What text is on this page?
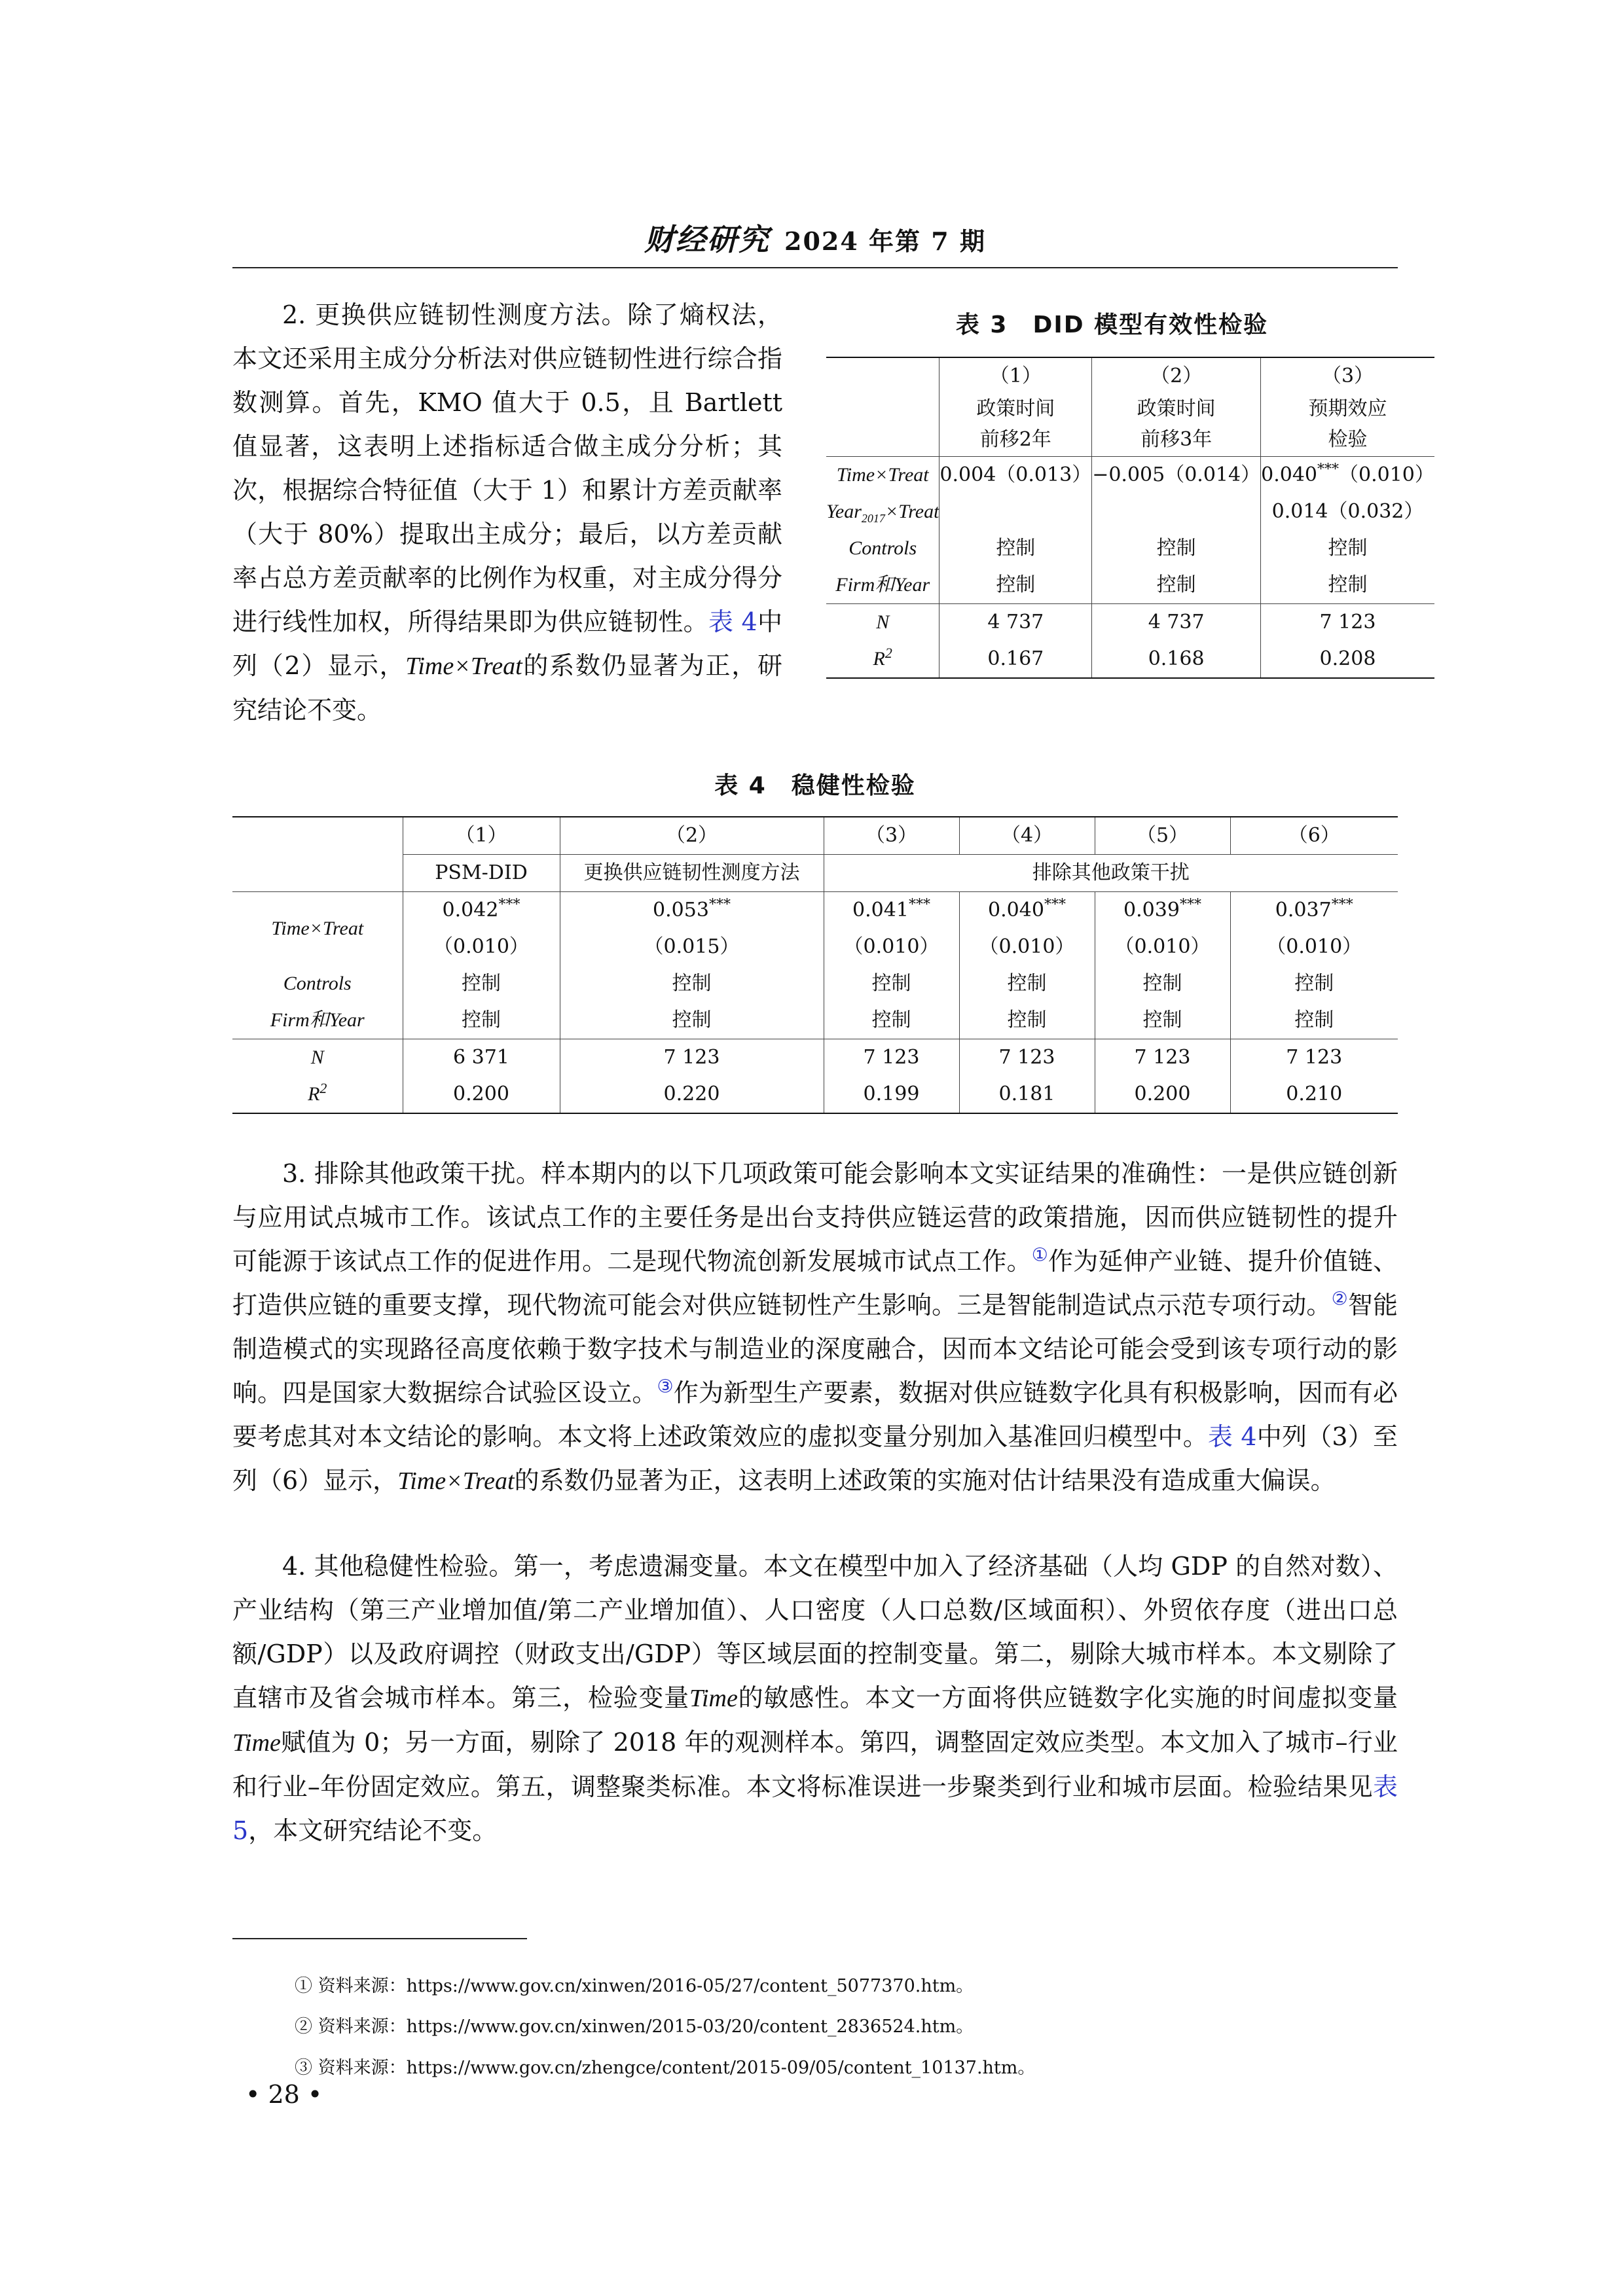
财经研究 2024 年第 7 期
2. 更换供应链韧性测度方法。除了熵权法，本文还采用主成分分析法对供应链韧性进行综合指数测算。首先，KMO 值大于 0.5，且 Bartlett 值显著，这表明上述指标适合做主成分分析；其次，根据综合特征值（大于 1）和累计方差贡献率（大于 80%）提取出主成分；最后，以方差贡献率占总方差贡献率的比例作为权重，对主成分得分进行线性加权，所得结果即为供应链韧性。表 4中列（2）显示，Time×Treat的系数仍显著为正，研究结论不变。
表 3　DID 模型有效性检验
	（1）	（2）	（3）
	政策时间	政策时间	预期效应
	前移2年	前移3年	检验
Time×Treat	0.004（0.013）	−0.005（0.014）	0.040***（0.010）
Year$_{2017}$×Treat			0.014（0.032）
Controls	控制	控制	控制
Firm和Year	控制	控制	控制
N	4 737	4 737	7 123
$R^2$	0.167	0.168	0.208
表 4　稳健性检验
	（1）	（2）	（3）	（4）	（5）	（6）
	PSM-DID	更换供应链韧性测度方法	排除其他政策干扰			
Time×Treat	0.042***	0.053***	0.041***	0.040***	0.039***	0.037***
	（0.010）	（0.015）	（0.010）	（0.010）	（0.010）	（0.010）
Controls	控制	控制	控制	控制	控制	控制
Firm和Year	控制	控制	控制	控制	控制	控制
N	6 371	7 123	7 123	7 123	7 123	7 123
$R^2$	0.200	0.220	0.199	0.181	0.200	0.210
3. 排除其他政策干扰。样本期内的以下几项政策可能会影响本文实证结果的准确性：一是供应链创新与应用试点城市工作。该试点工作的主要任务是出台支持供应链运营的政策措施，因而供应链韧性的提升可能源于该试点工作的促进作用。二是现代物流创新发展城市试点工作。①作为延伸产业链、提升价值链、打造供应链的重要支撑，现代物流可能会对供应链韧性产生影响。三是智能制造试点示范专项行动。②智能制造模式的实现路径高度依赖于数字技术与制造业的深度融合，因而本文结论可能会受到该专项行动的影响。四是国家大数据综合试验区设立。③作为新型生产要素，数据对供应链数字化具有积极影响，因而有必要考虑其对本文结论的影响。本文将上述政策效应的虚拟变量分别加入基准回归模型中。表 4中列（3）至列（6）显示，Time×Treat的系数仍显著为正，这表明上述政策的实施对估计结果没有造成重大偏误。
4. 其他稳健性检验。第一，考虑遗漏变量。本文在模型中加入了经济基础（人均 GDP 的自然对数）、产业结构（第三产业增加值/第二产业增加值）、人口密度（人口总数/区域面积）、外贸依存度（进出口总额/GDP）以及政府调控（财政支出/GDP）等区域层面的控制变量。第二，剔除大城市样本。本文剔除了直辖市及省会城市样本。第三，检验变量Time的敏感性。本文一方面将供应链数字化实施的时间虚拟变量Time赋值为 0；另一方面，剔除了 2018 年的观测样本。第四，调整固定效应类型。本文加入了城市–行业和行业–年份固定效应。第五，调整聚类标准。本文将标准误进一步聚类到行业和城市层面。检验结果见表 5，本文研究结论不变。
① 资料来源：https://www.gov.cn/xinwen/2016-05/27/content_5077370.htm。
② 资料来源：https://www.gov.cn/xinwen/2015-03/20/content_2836524.htm。
③ 资料来源：https://www.gov.cn/zhengce/content/2015-09/05/content_10137.htm。
• 28 •
